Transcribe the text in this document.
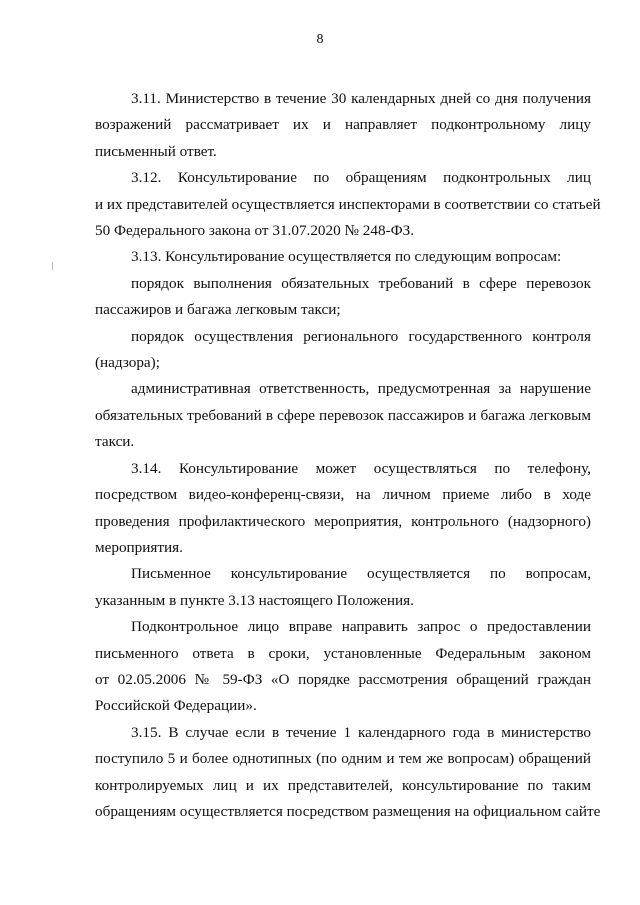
8

3.11. Министерство в течение 30 календарных дней со дня получения
возражений рассматривает их и направляет подконтрольному лицу
письменный ответ.

3.12. Консультирование по обращениям подконтрольных лиц
и их представителей осуществляется инспекторами в соответствии со статьей
50 Федерального закона от 31.07.2020 № 248-ФЗ.

3.13. Консультирование осуществляется по следующим вопросам:

порядок выполнения обязательных требований в сфере перевозок
пассажиров и багажа легковым такси;

порядок осуществления регионального государственного контроля
(надзора);

административная ответственность, предусмотренная за нарушение
обязательных требований в сфере перевозок пассажиров и багажа легковым
такси.

3.14. Консультирование может осуществляться по телефону,
посредством видео-конференц-связи, на личном приеме либо в ходе
проведения профилактического мероприятия, контрольного (надзорного)
мероприятия.

Письменное консультирование осуществляется по вопросам,
указанным в пункте 3.13 настоящего Положения.

Подконтрольное лицо вправе направить запрос о предоставлении
письменного ответа в сроки, установленные Федеральным законом
от 02.05.2006 № 59-ФЗ «О порядке рассмотрения обращений граждан
Российской Федерации».

3.15. В случае если в течение 1 календарного года в министерство
поступило 5 и более однотипных (по одним и тем же вопросам) обращений
контролируемых лиц и их представителей, консультирование по таким
обращениям осуществляется посредством размещения на официальном сайте
